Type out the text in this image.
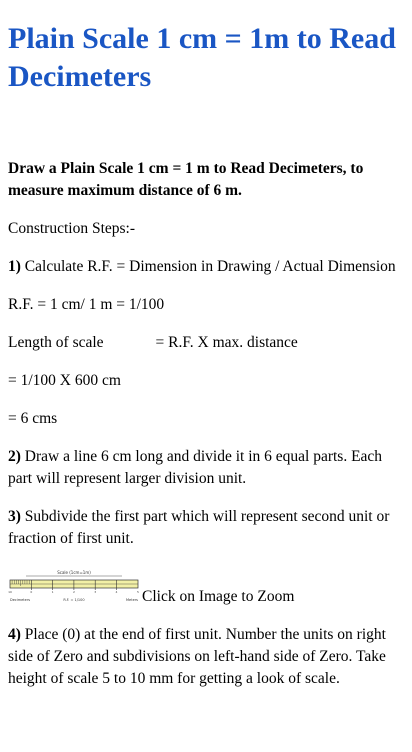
Plain Scale 1 cm = 1m to Read Decimeters

Draw a Plain Scale 1 cm = 1 m to Read Decimeters, to measure maximum distance of 6 m.

Construction Steps:-

1) Calculate R.F. = Dimension in Drawing / Actual Dimension

R.F. = 1 cm/ 1 m = 1/100

Length of scale	= R.F. X max. distance

= 1/100 X 600 cm

= 6 cms

2) Draw a line 6 cm long and divide it in 6 equal parts. Each part will represent larger division unit.

3) Subdivide the first part which will represent second unit or fraction of first unit.

Scale (1cm=1m)
10	0	1	2	3	4	5
Decimeters	R.F. = 1/100	Meters Click on Image to Zoom

4) Place (0) at the end of first unit. Number the units on right side of Zero and subdivisions on left-hand side of Zero. Take height of scale 5 to 10 mm for getting a look of scale.
